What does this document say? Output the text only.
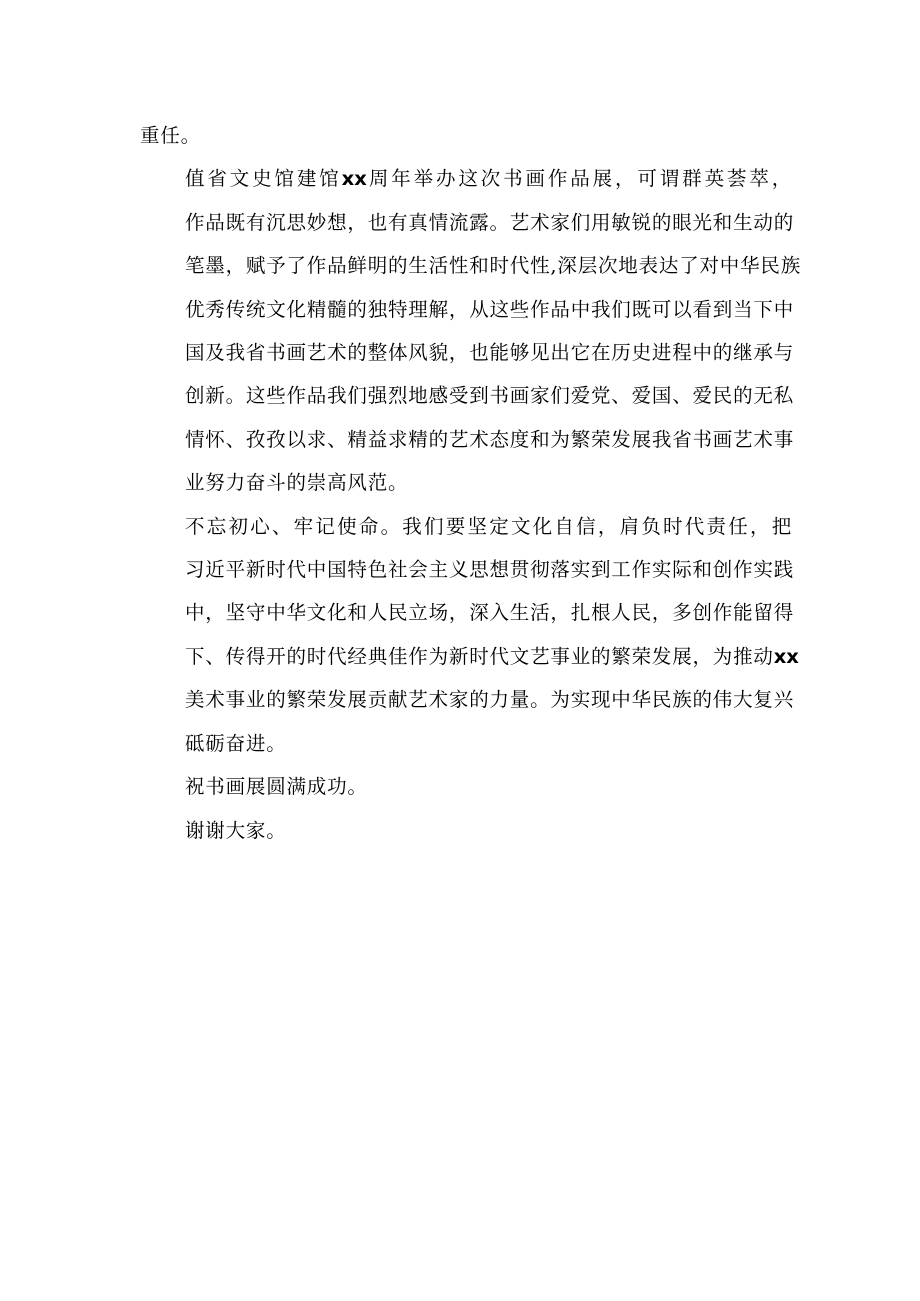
重任。
值省文史馆建馆xx周年举办这次书画作品展，可谓群英荟萃，
作品既有沉思妙想，也有真情流露。艺术家们用敏锐的眼光和生动的
笔墨，赋予了作品鲜明的生活性和时代性,深层次地表达了对中华民族
优秀传统文化精髓的独特理解，从这些作品中我们既可以看到当下中
国及我省书画艺术的整体风貌，也能够见出它在历史进程中的继承与
创新。这些作品我们强烈地感受到书画家们爱党、爱国、爱民的无私
情怀、孜孜以求、精益求精的艺术态度和为繁荣发展我省书画艺术事
业努力奋斗的崇高风范。
不忘初心、牢记使命。我们要坚定文化自信，肩负时代责任，把
习近平新时代中国特色社会主义思想贯彻落实到工作实际和创作实践
中，坚守中华文化和人民立场，深入生活，扎根人民，多创作能留得
下、传得开的时代经典佳作为新时代文艺事业的繁荣发展，为推动xx
美术事业的繁荣发展贡献艺术家的力量。为实现中华民族的伟大复兴
砥砺奋进。
祝书画展圆满成功。
谢谢大家。
